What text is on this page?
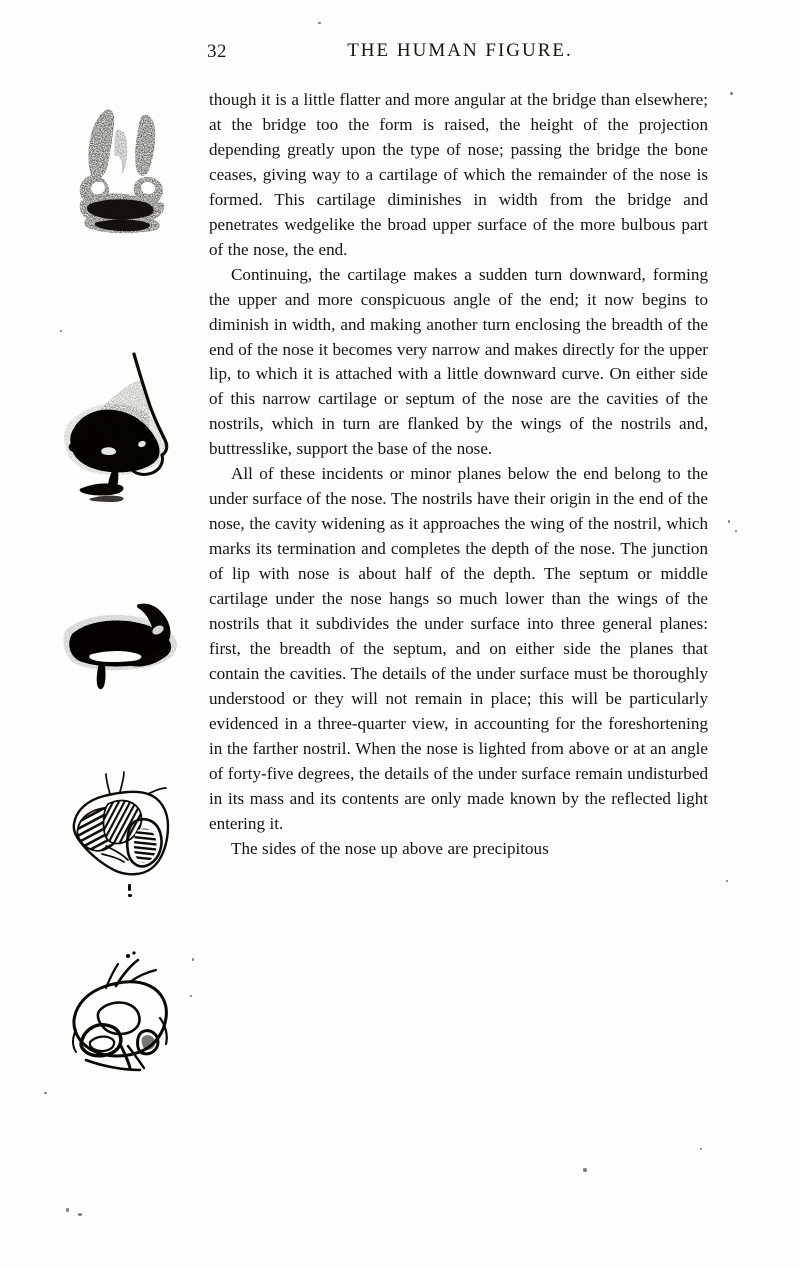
32	THE HUMAN FIGURE.

though it is a little flatter and more angular at the bridge than elsewhere; at the bridge too the form is raised, the height of the projection depending greatly upon the type of nose; passing the bridge the bone ceases, giving way to a cartilage of which the remainder of the nose is formed. This cartilage diminishes in width from the bridge and penetrates wedgelike the broad upper surface of the more bulbous part of the nose, the end.

Continuing, the cartilage makes a sudden turn downward, forming the upper and more conspicuous angle of the end; it now begins to diminish in width, and making another turn enclosing the breadth of the end of the nose it becomes very narrow and makes directly for the upper lip, to which it is attached with a little downward curve. On either side of this narrow cartilage or septum of the nose are the cavities of the nostrils, which in turn are flanked by the wings of the nostrils and, buttresslike, support the base of the nose.

All of these incidents or minor planes below the end belong to the under surface of the nose. The nostrils have their origin in the end of the nose, the cavity widening as it approaches the wing of the nostril, which marks its termination and completes the depth of the nose. The junction of lip with nose is about half of the depth. The septum or middle cartilage under the nose hangs so much lower than the wings of the nostrils that it subdivides the under surface into three general planes: first, the breadth of the septum, and on either side the planes that contain the cavities. The details of the under surface must be thoroughly understood or they will not remain in place; this will be particularly evidenced in a three-quarter view, in accounting for the foreshortening in the farther nostril. When the nose is lighted from above or at an angle of forty-five degrees, the details of the under surface remain undisturbed in its mass and its contents are only made known by the reflected light entering it.

The sides of the nose up above are precipitous
